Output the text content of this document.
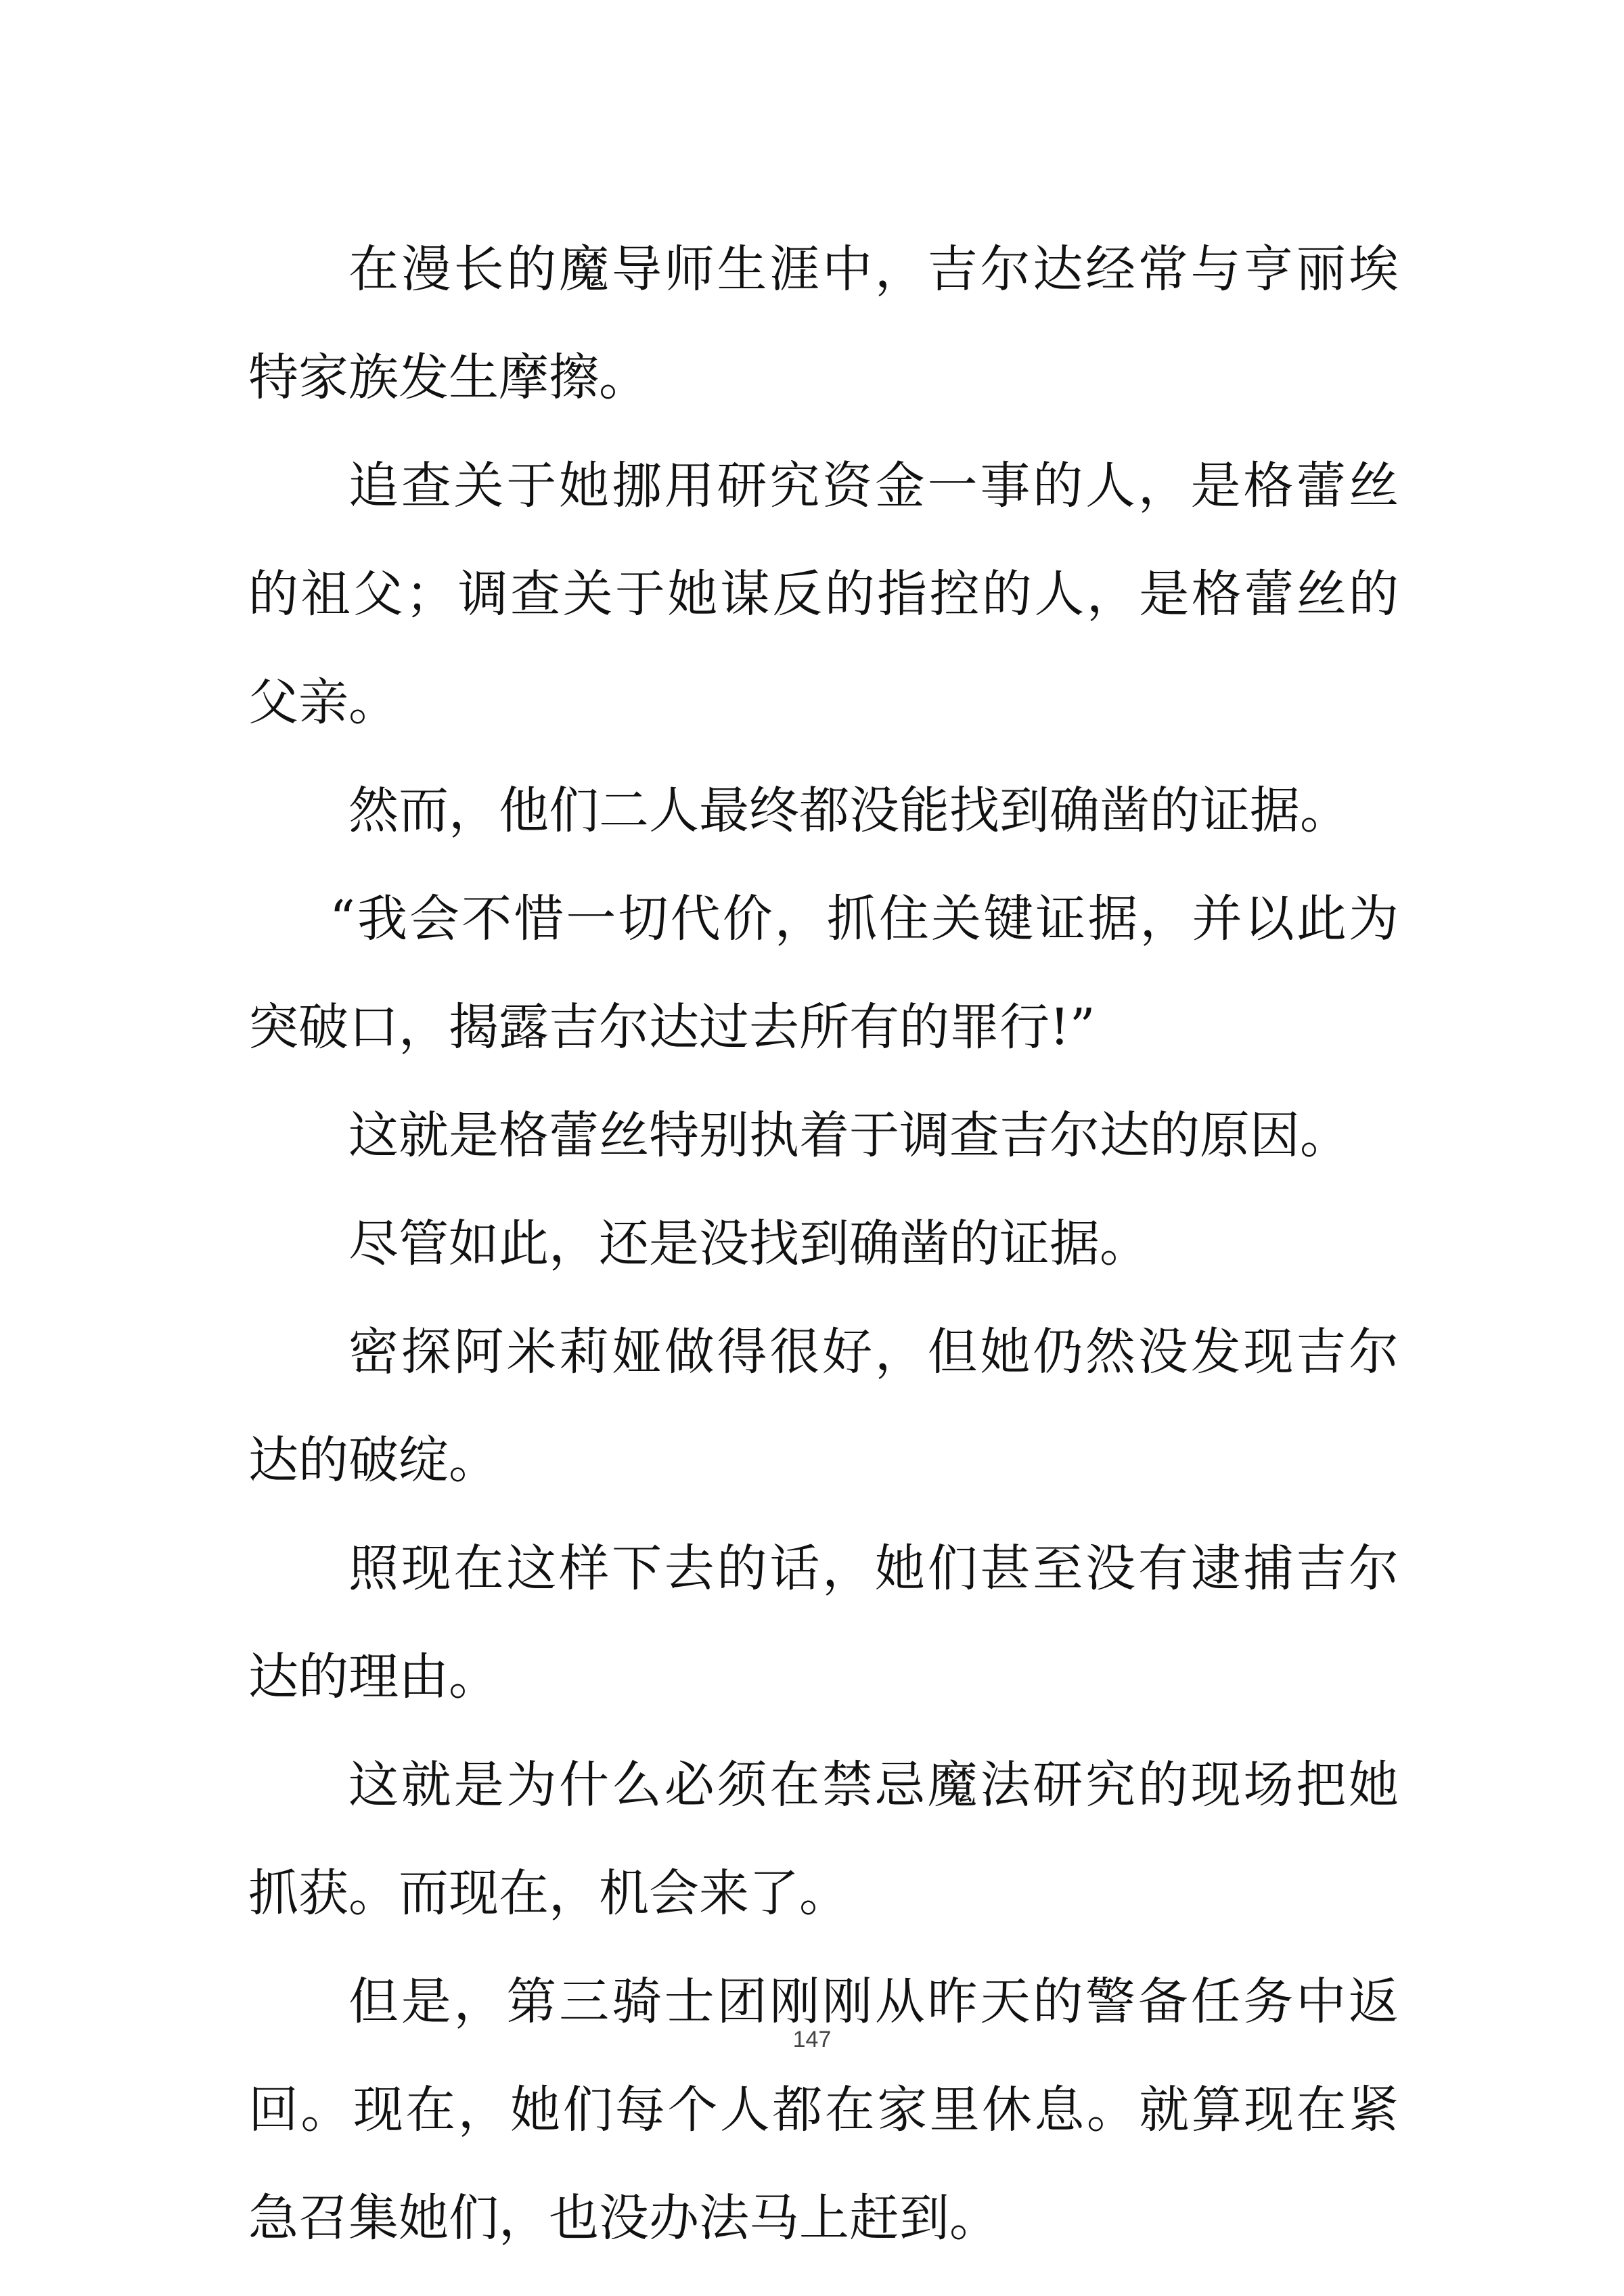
在漫长的魔导师生涯中，吉尔达经常与亨丽埃特家族发生摩擦。

追查关于她挪用研究资金一事的人，是格蕾丝的祖父；调查关于她谋反的指控的人，是格蕾丝的父亲。

然而，他们二人最终都没能找到确凿的证据。

“我会不惜一切代价，抓住关键证据，并以此为突破口，揭露吉尔达过去所有的罪行!”

这就是格蕾丝特别执着于调查吉尔达的原因。

尽管如此，还是没找到确凿的证据。

密探阿米莉娅做得很好，但她仍然没发现吉尔达的破绽。

照现在这样下去的话，她们甚至没有逮捕吉尔达的理由。

这就是为什么必须在禁忌魔法研究的现场把她抓获。而现在，机会来了。

但是，第三骑士团刚刚从昨天的警备任务中返回。现在，她们每个人都在家里休息。就算现在紧急召集她们，也没办法马上赶到。

147
